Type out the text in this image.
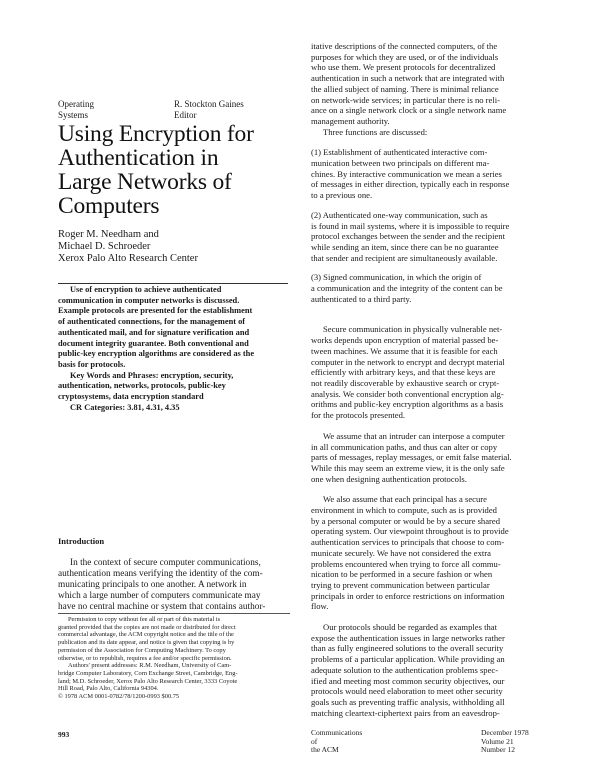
Operating
Systems
R. Stockton Gaines
Editor
Using Encryption for
Authentication in
Large Networks of
Computers
Roger M. Needham and
Michael D. Schroeder
Xerox Palo Alto Research Center
Use of encryption to achieve authenticated
communication in computer networks is discussed.
Example protocols are presented for the establishment
of authenticated connections, for the management of
authenticated mail, and for signature verification and
document integrity guarantee. Both conventional and
public-key encryption algorithms are considered as the
basis for protocols.
Key Words and Phrases: encryption, security,
authentication, networks, protocols, public-key
cryptosystems, data encryption standard
CR Categories: 3.81, 4.31, 4.35
Introduction
In the context of secure computer communications,
authentication means verifying the identity of the com-
municating principals to one another. A network in
which a large number of computers communicate may
have no central machine or system that contains author-
Permission to copy without fee all or part of this material is
granted provided that the copies are not made or distributed for direct
commercial advantage, the ACM copyright notice and the title of the
publication and its date appear, and notice is given that copying is by
permission of the Association for Computing Machinery. To copy
otherwise, or to republish, requires a fee and/or specific permission.
Authors' present addresses: R.M. Needham, University of Cam-
bridge Computer Laboratory, Corn Exchange Street, Cambridge, Eng-
land; M.D. Schroeder, Xerox Palo Alto Research Center, 3333 Coyote
Hill Road, Palo Alto, California 94304.
© 1978 ACM 0001-0782/78/1200-0993 $00.75
993
itative descriptions of the connected computers, of the
purposes for which they are used, or of the individuals
who use them. We present protocols for decentralized
authentication in such a network that are integrated with
the allied subject of naming. There is minimal reliance
on network-wide services; in particular there is no reli-
ance on a single network clock or a single network name
management authority.
Three functions are discussed:
(1) Establishment of authenticated interactive com-
munication between two principals on different ma-
chines. By interactive communication we mean a series
of messages in either direction, typically each in response
to a previous one.
(2) Authenticated one-way communication, such as
is found in mail systems, where it is impossible to require
protocol exchanges between the sender and the recipient
while sending an item, since there can be no guarantee
that sender and recipient are simultaneously available.
(3) Signed communication, in which the origin of
a communication and the integrity of the content can be
authenticated to a third party.
Secure communication in physically vulnerable net-
works depends upon encryption of material passed be-
tween machines. We assume that it is feasible for each
computer in the network to encrypt and decrypt material
efficiently with arbitrary keys, and that these keys are
not readily discoverable by exhaustive search or crypt-
analysis. We consider both conventional encryption alg-
orithms and public-key encryption algorithms as a basis
for the protocols presented.
We assume that an intruder can interpose a computer
in all communication paths, and thus can alter or copy
parts of messages, replay messages, or emit false material.
While this may seem an extreme view, it is the only safe
one when designing authentication protocols.
We also assume that each principal has a secure
environment in which to compute, such as is provided
by a personal computer or would be by a secure shared
operating system. Our viewpoint throughout is to provide
authentication services to principals that choose to com-
municate securely. We have not considered the extra
problems encountered when trying to force all commu-
nication to be performed in a secure fashion or when
trying to prevent communication between particular
principals in order to enforce restrictions on information
flow.
Our protocols should be regarded as examples that
expose the authentication issues in large networks rather
than as fully engineered solutions to the overall security
problems of a particular application. While providing an
adequate solution to the authentication problems spec-
ified and meeting most common security objectives, our
protocols would need elaboration to meet other security
goals such as preventing traffic analysis, withholding all
matching cleartext-ciphertext pairs from an eavesdrop-
Communications
of
the ACM
December 1978
Volume 21
Number 12
